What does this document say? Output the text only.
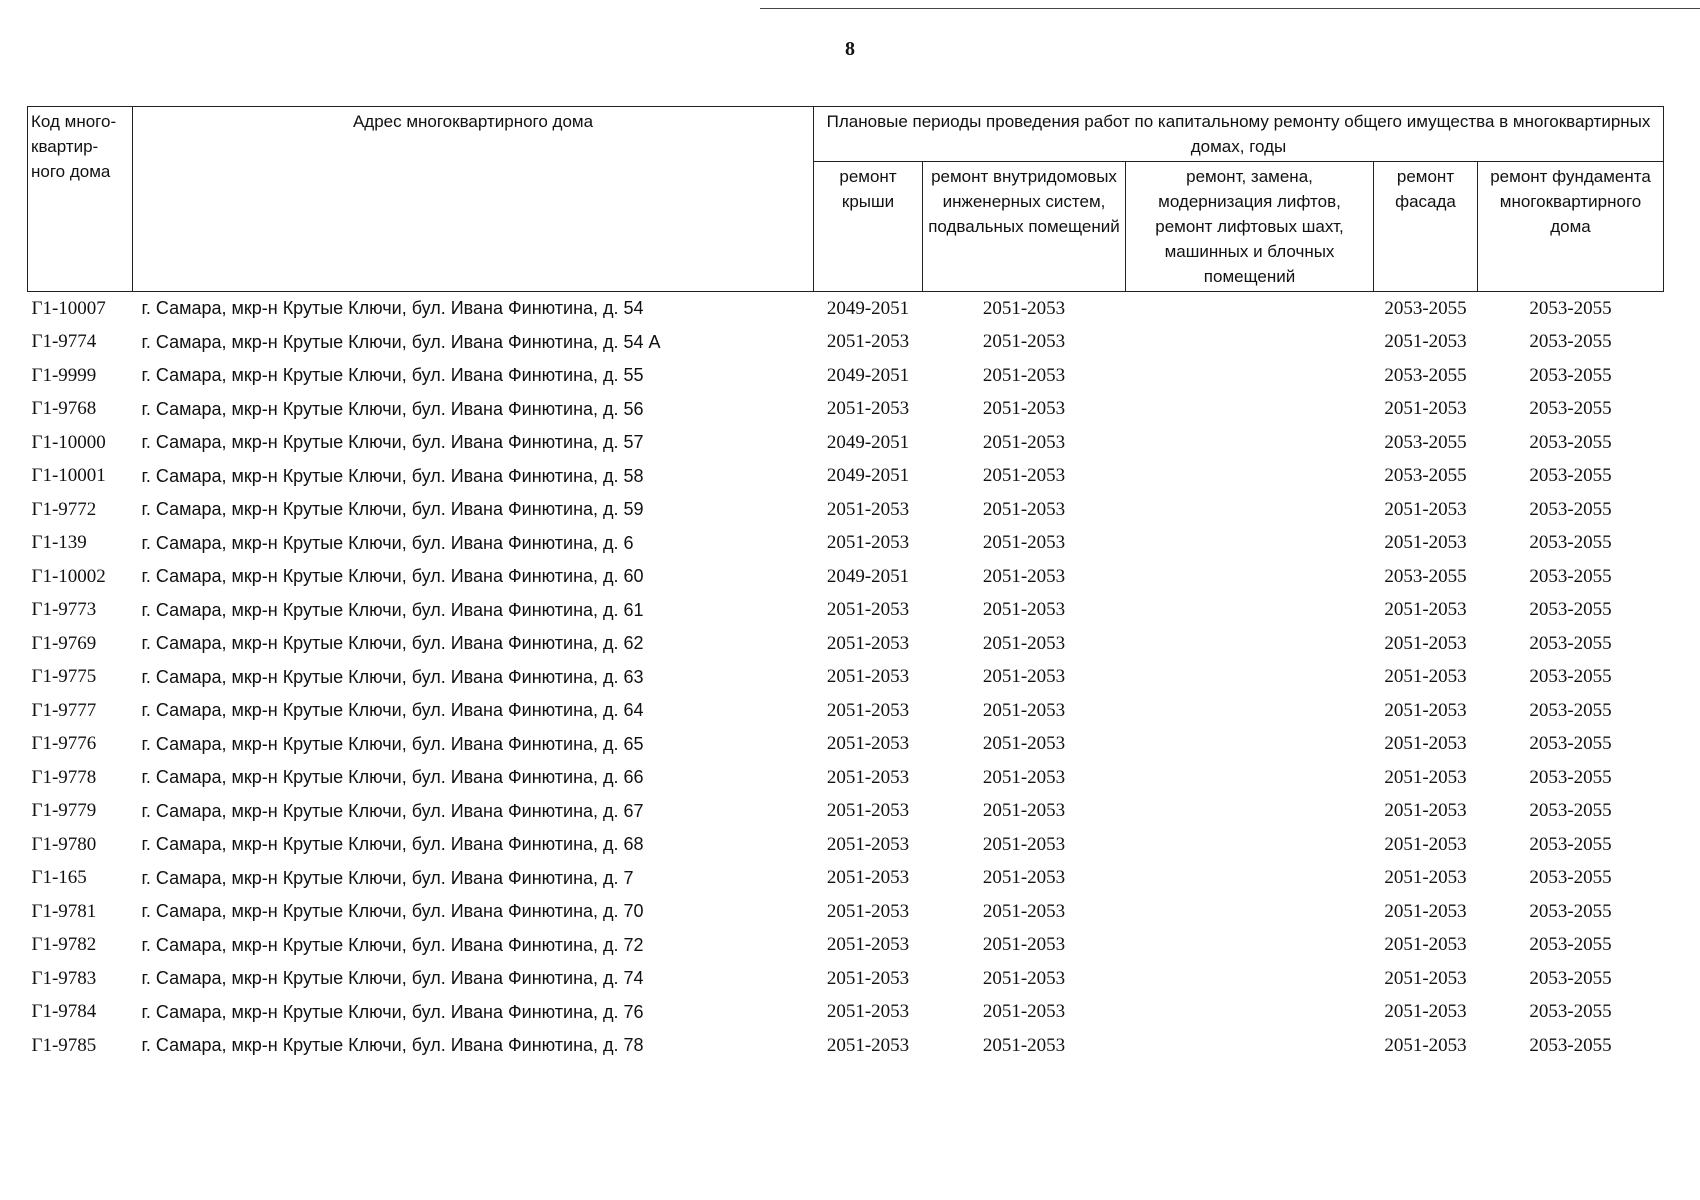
8
Код много-квартир-ного дома	Адрес многоквартирного дома	Плановые периоды проведения работ по капитальному ремонту общего имущества в многоквартирных домах, годы				
		ремонт крыши	ремонт внутридомовых инженерных систем, подвальных помещений	ремонт, замена, модернизация лифтов, ремонт лифтовых шахт, машинных и блочных помещений	ремонт фасада	ремонт фундамента многоквартирного дома
Г1-10007	г. Самара, мкр-н Крутые Ключи, бул. Ивана Финютина, д. 54	2049-2051	2051-2053		2053-2055	2053-2055
Г1-9774	г. Самара, мкр-н Крутые Ключи, бул. Ивана Финютина, д. 54 А	2051-2053	2051-2053		2051-2053	2053-2055
Г1-9999	г. Самара, мкр-н Крутые Ключи, бул. Ивана Финютина, д. 55	2049-2051	2051-2053		2053-2055	2053-2055
Г1-9768	г. Самара, мкр-н Крутые Ключи, бул. Ивана Финютина, д. 56	2051-2053	2051-2053		2051-2053	2053-2055
Г1-10000	г. Самара, мкр-н Крутые Ключи, бул. Ивана Финютина, д. 57	2049-2051	2051-2053		2053-2055	2053-2055
Г1-10001	г. Самара, мкр-н Крутые Ключи, бул. Ивана Финютина, д. 58	2049-2051	2051-2053		2053-2055	2053-2055
Г1-9772	г. Самара, мкр-н Крутые Ключи, бул. Ивана Финютина, д. 59	2051-2053	2051-2053		2051-2053	2053-2055
Г1-139	г. Самара, мкр-н Крутые Ключи, бул. Ивана Финютина, д. 6	2051-2053	2051-2053		2051-2053	2053-2055
Г1-10002	г. Самара, мкр-н Крутые Ключи, бул. Ивана Финютина, д. 60	2049-2051	2051-2053		2053-2055	2053-2055
Г1-9773	г. Самара, мкр-н Крутые Ключи, бул. Ивана Финютина, д. 61	2051-2053	2051-2053		2051-2053	2053-2055
Г1-9769	г. Самара, мкр-н Крутые Ключи, бул. Ивана Финютина, д. 62	2051-2053	2051-2053		2051-2053	2053-2055
Г1-9775	г. Самара, мкр-н Крутые Ключи, бул. Ивана Финютина, д. 63	2051-2053	2051-2053		2051-2053	2053-2055
Г1-9777	г. Самара, мкр-н Крутые Ключи, бул. Ивана Финютина, д. 64	2051-2053	2051-2053		2051-2053	2053-2055
Г1-9776	г. Самара, мкр-н Крутые Ключи, бул. Ивана Финютина, д. 65	2051-2053	2051-2053		2051-2053	2053-2055
Г1-9778	г. Самара, мкр-н Крутые Ключи, бул. Ивана Финютина, д. 66	2051-2053	2051-2053		2051-2053	2053-2055
Г1-9779	г. Самара, мкр-н Крутые Ключи, бул. Ивана Финютина, д. 67	2051-2053	2051-2053		2051-2053	2053-2055
Г1-9780	г. Самара, мкр-н Крутые Ключи, бул. Ивана Финютина, д. 68	2051-2053	2051-2053		2051-2053	2053-2055
Г1-165	г. Самара, мкр-н Крутые Ключи, бул. Ивана Финютина, д. 7	2051-2053	2051-2053		2051-2053	2053-2055
Г1-9781	г. Самара, мкр-н Крутые Ключи, бул. Ивана Финютина, д. 70	2051-2053	2051-2053		2051-2053	2053-2055
Г1-9782	г. Самара, мкр-н Крутые Ключи, бул. Ивана Финютина, д. 72	2051-2053	2051-2053		2051-2053	2053-2055
Г1-9783	г. Самара, мкр-н Крутые Ключи, бул. Ивана Финютина, д. 74	2051-2053	2051-2053		2051-2053	2053-2055
Г1-9784	г. Самара, мкр-н Крутые Ключи, бул. Ивана Финютина, д. 76	2051-2053	2051-2053		2051-2053	2053-2055
Г1-9785	г. Самара, мкр-н Крутые Ключи, бул. Ивана Финютина, д. 78	2051-2053	2051-2053		2051-2053	2053-2055
